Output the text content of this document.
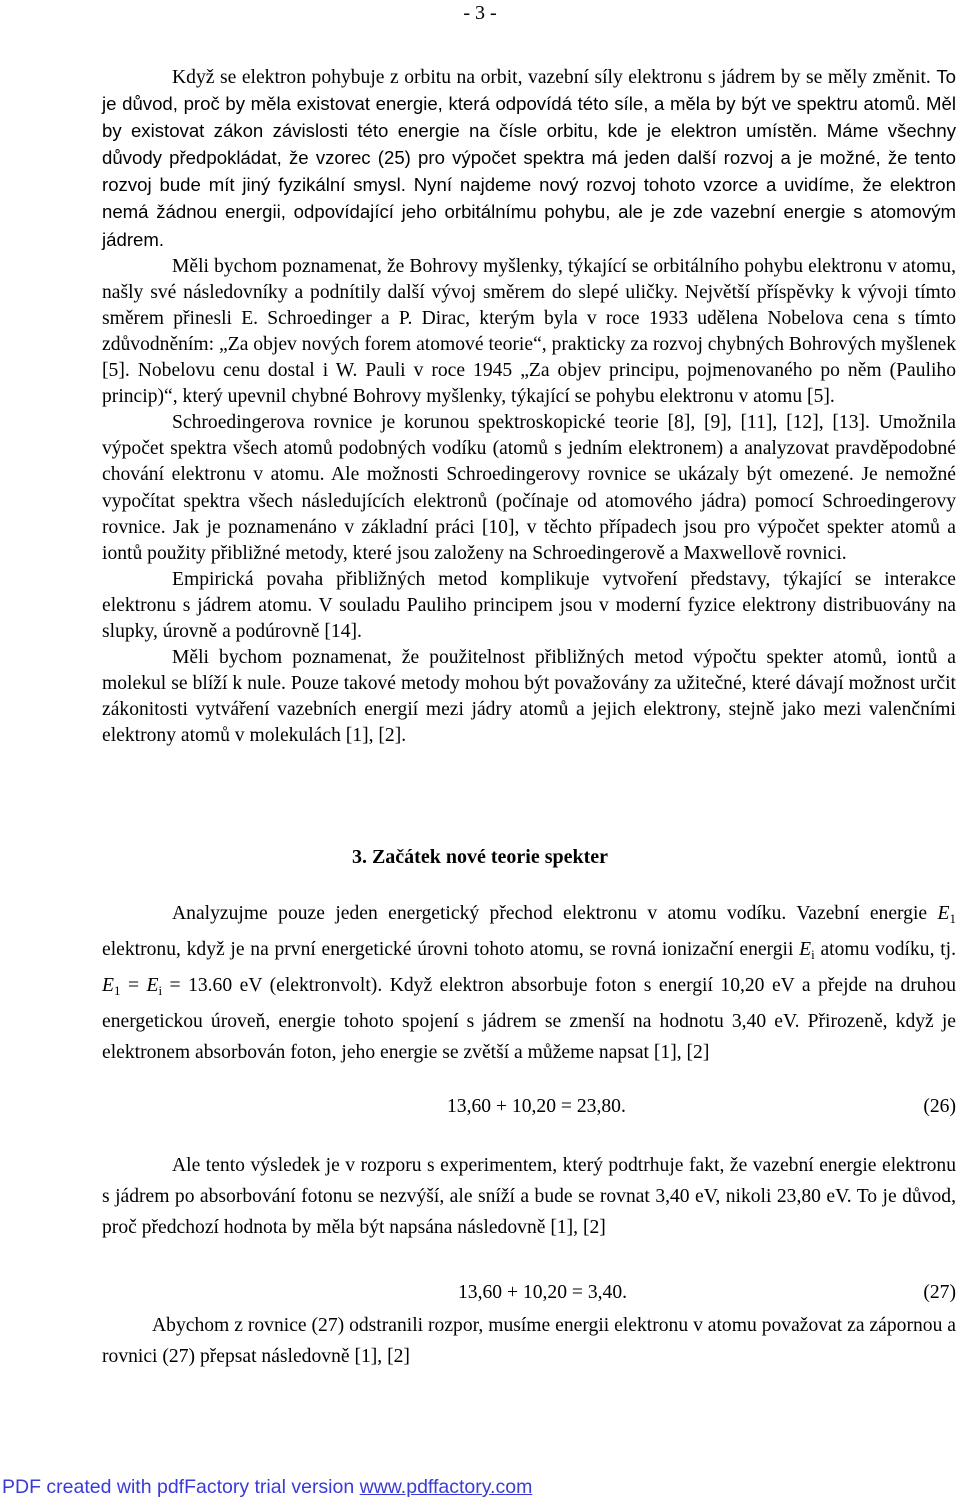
- 3 -

Když se elektron pohybuje z orbitu na orbit, vazební síly elektronu s jádrem by se měly změnit. To je důvod, proč by měla existovat energie, která odpovídá této síle, a měla by být ve spektru atomů. Měl by existovat zákon závislosti této energie na čísle orbitu, kde je elektron umístěn. Máme všechny důvody předpokládat, že vzorec (25) pro výpočet spektra má jeden další rozvoj a je možné, že tento rozvoj bude mít jiný fyzikální smysl. Nyní najdeme nový rozvoj tohoto vzorce a uvidíme, že elektron nemá žádnou energii, odpovídající jeho orbitálnímu pohybu, ale je zde vazební energie s atomovým jádrem.

Měli bychom poznamenat, že Bohrovy myšlenky, týkající se orbitálního pohybu elektronu v atomu, našly své následovníky a podnítily další vývoj směrem do slepé uličky. Největší příspěvky k vývoji tímto směrem přinesli E. Schroedinger a P. Dirac, kterým byla v roce 1933 udělena Nobelova cena s tímto zdůvodněním: „Za objev nových forem atomové teorie“, prakticky za rozvoj chybných Bohrových myšlenek [5]. Nobelovu cenu dostal i W. Pauli v roce 1945 „Za objev principu, pojmenovaného po něm (Pauliho princip)“, který upevnil chybné Bohrovy myšlenky, týkající se pohybu elektronu v atomu [5].

Schroedingerova rovnice je korunou spektroskopické teorie [8], [9], [11], [12], [13]. Umožnila výpočet spektra všech atomů podobných vodíku (atomů s jedním elektronem) a analyzovat pravděpodobné chování elektronu v atomu. Ale možnosti Schroedingerovy rovnice se ukázaly být omezené. Je nemožné vypočítat spektra všech následujících elektronů (počínaje od atomového jádra) pomocí Schroedingerovy rovnice. Jak je poznamenáno v základní práci [10], v těchto případech jsou pro výpočet spekter atomů a iontů použity přibližné metody, které jsou založeny na Schroedingerově a Maxwellově rovnici.

Empirická povaha přibližných metod komplikuje vytvoření představy, týkající se interakce elektronu s jádrem atomu. V souladu Pauliho principem jsou v moderní fyzice elektrony distribuovány na slupky, úrovně a podúrovně [14].

Měli bychom poznamenat, že použitelnost přibližných metod výpočtu spekter atomů, iontů a molekul se blíží k nule. Pouze takové metody mohou být považovány za užitečné, které dávají možnost určit zákonitosti vytváření vazebních energií mezi jádry atomů a jejich elektrony, stejně jako mezi valenčními elektrony atomů v molekulách [1], [2].

3. Začátek nové teorie spekter

Analyzujme pouze jeden energetický přechod elektronu v atomu vodíku. Vazební energie $E_1$ elektronu, když je na první energetické úrovni tohoto atomu, se rovná ionizační energii $E_i$ atomu vodíku, tj. $E_1 = E_i = 13.60$ eV (elektronvolt). Když elektron absorbuje foton s energií 10,20 eV a přejde na druhou energetickou úroveň, energie tohoto spojení s jádrem se zmenší na hodnotu 3,40 eV. Přirozeně, když je elektronem absorbován foton, jeho energie se zvětší a můžeme napsat [1], [2]

13,60 + 10,20 = 23,80.	(26)

Ale tento výsledek je v rozporu s experimentem, který podtrhuje fakt, že vazební energie elektronu s jádrem po absorbování fotonu se nezvýší, ale sníží a bude se rovnat 3,40 eV, nikoli 23,80 eV. To je důvod, proč předchozí hodnota by měla být napsána následovně [1], [2]

13,60 + 10,20 = 3,40.	(27)

Abychom z rovnice (27) odstranili rozpor, musíme energii elektronu v atomu považovat za zápornou a rovnici (27) přepsat následovně [1], [2]

PDF created with pdfFactory trial version www.pdffactory.com
